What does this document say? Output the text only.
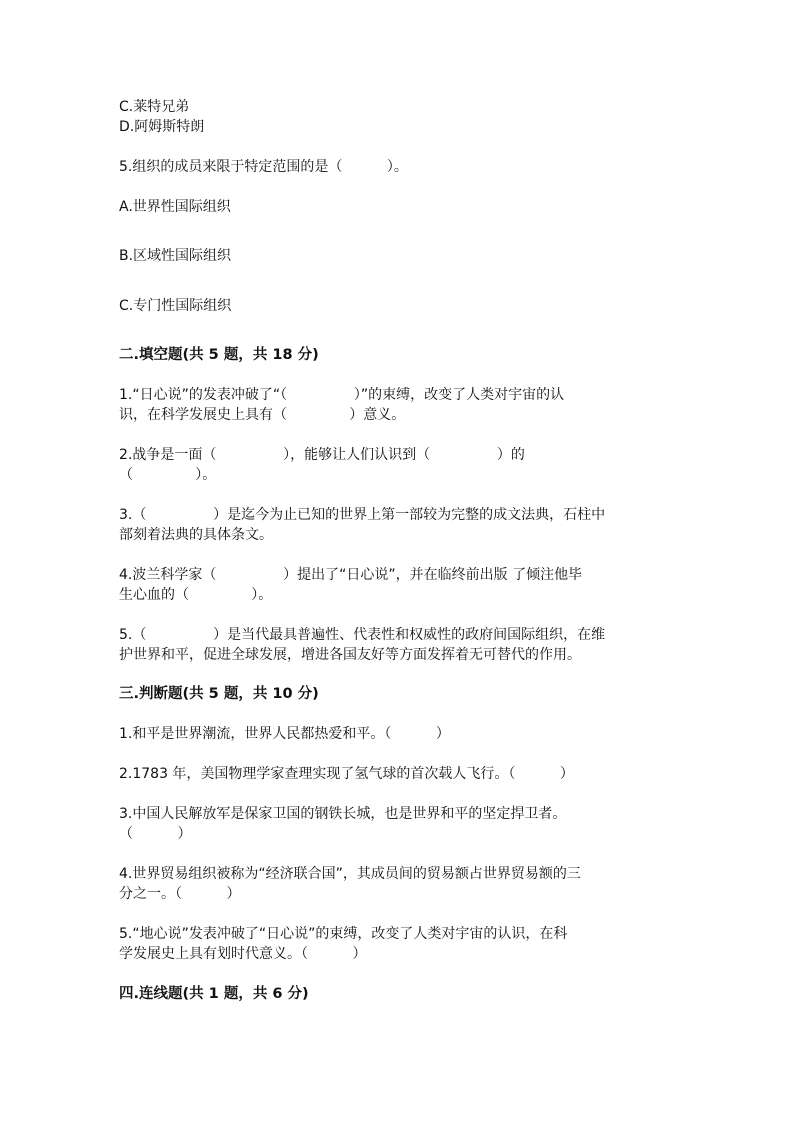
C.莱特兄弟
D.阿姆斯特朗
5.组织的成员来限于特定范围的是（          ）。
A.世界性国际组织
B.区域性国际组织
C.专门性国际组织
二.填空题(共 5 题，共 18 分)
1.“日心说”的发表冲破了“（               ）”的束缚，改变了人类对宇宙的认
识，在科学发展史上具有（              ）意义。
2.战争是一面（               ），能够让人们认识到（               ）的
（              ）。
3.（               ）是迄今为止已知的世界上第一部较为完整的成文法典，石柱中
部刻着法典的具体条文。
4.波兰科学家（               ）提出了“日心说”，并在临终前出版 了倾注他毕
生心血的（              ）。
5.（               ）是当代最具普遍性、代表性和权威性的政府间国际组织，在维
护世界和平，促进全球发展，增进各国友好等方面发挥着无可替代的作用。
三.判断题(共 5 题，共 10 分)
1.和平是世界潮流，世界人民都热爱和平。（          ）
2.1783 年，美国物理学家查理实现了氢气球的首次载人飞行。（          ）
3.中国人民解放军是保家卫国的钢铁长城，也是世界和平的坚定捍卫者。
（          ）
4.世界贸易组织被称为“经济联合国”，其成员间的贸易额占世界贸易额的三
分之一。（          ）
5.“地心说”发表冲破了“日心说”的束缚，改变了人类对宇宙的认识，在科
学发展史上具有划时代意义。（          ）
四.连线题(共 1 题，共 6 分)
